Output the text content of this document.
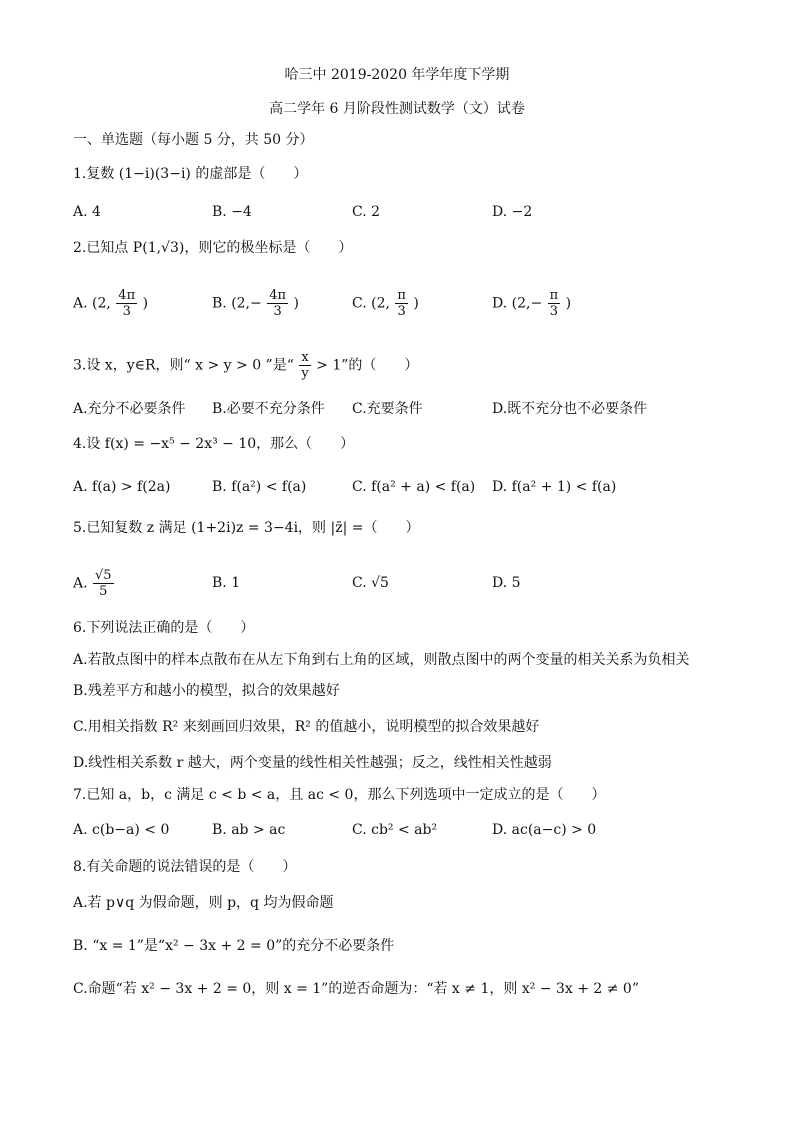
哈三中 2019-2020 年学年度下学期
高二学年 6 月阶段性测试数学（文）试卷
一、单选题（每小题 5 分，共 50 分）
1.复数 (1−i)(3−i) 的虚部是（　　）
A. 4	B. −4	C. 2	D. −2
2.已知点 P(1,√3)，则它的极坐标是（　　）
A. (2, $\frac{4\pi}{3}$ )	B. ($2,- \frac{4\pi}{3}$ )	C. (2, $\frac{\pi}{3}$ )	D. ($2,- \frac{\pi}{3}$ )
3.设 x，y∈R，则“ x > y > 0 ”是“ $\frac{x}{y} > 1$”的（　　）
A.充分不必要条件 B.必要不充分条件 C.充要条件	D.既不充分也不必要条件
4.设 f(x) = −x⁵ − 2x³ − 10，那么（　　）
A. f(a) > f(2a)	B. f(a²) < f(a)	C. f(a² + a) < f(a) D. f(a² + 1) < f(a)
5.已知复数 z 满足 (1+2i)z = 3−4i，则 |z̄| =（　　）
A. $\frac{√5}{5}$	B. 1	C. √5	D. 5
6.下列说法正确的是（　　）
A.若散点图中的样本点散布在从左下角到右上角的区域，则散点图中的两个变量的相关关系为负相关
B.残差平方和越小的模型，拟合的效果越好
C.用相关指数 R² 来刻画回归效果，R² 的值越小，说明模型的拟合效果越好
D.线性相关系数 r 越大，两个变量的线性相关性越强；反之，线性相关性越弱
7.已知 a，b，c 满足 c < b < a，且 ac < 0，那么下列选项中一定成立的是（　　）
A. c(b−a) < 0	B. ab > ac	C. cb² < ab²	D. ac(a−c) > 0
8.有关命题的说法错误的是（　　）
A.若 p∨q 为假命题，则 p，q 均为假命题
B. “x = 1”是“x² − 3x + 2 = 0”的充分不必要条件
C.命题“若 x² − 3x + 2 = 0，则 x = 1”的逆否命题为：“若 x ≠ 1，则 x² − 3x + 2 ≠ 0”
